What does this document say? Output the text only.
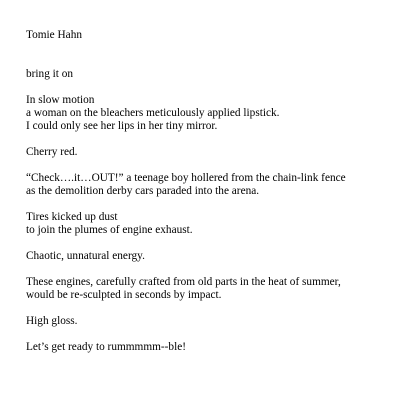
Tomie Hahn
bring it on
In slow motion
a woman on the bleachers meticulously applied lipstick.
I could only see her lips in her tiny mirror.
Cherry red.
“Check….it…OUT!” a teenage boy hollered from the chain-link fence
as the demolition derby cars paraded into the arena.
Tires kicked up dust
to join the plumes of engine exhaust.
Chaotic, unnatural energy.
These engines, carefully crafted from old parts in the heat of summer,
would be re-sculpted in seconds by impact.
High gloss.
Let’s get ready to rummmmm--ble!
